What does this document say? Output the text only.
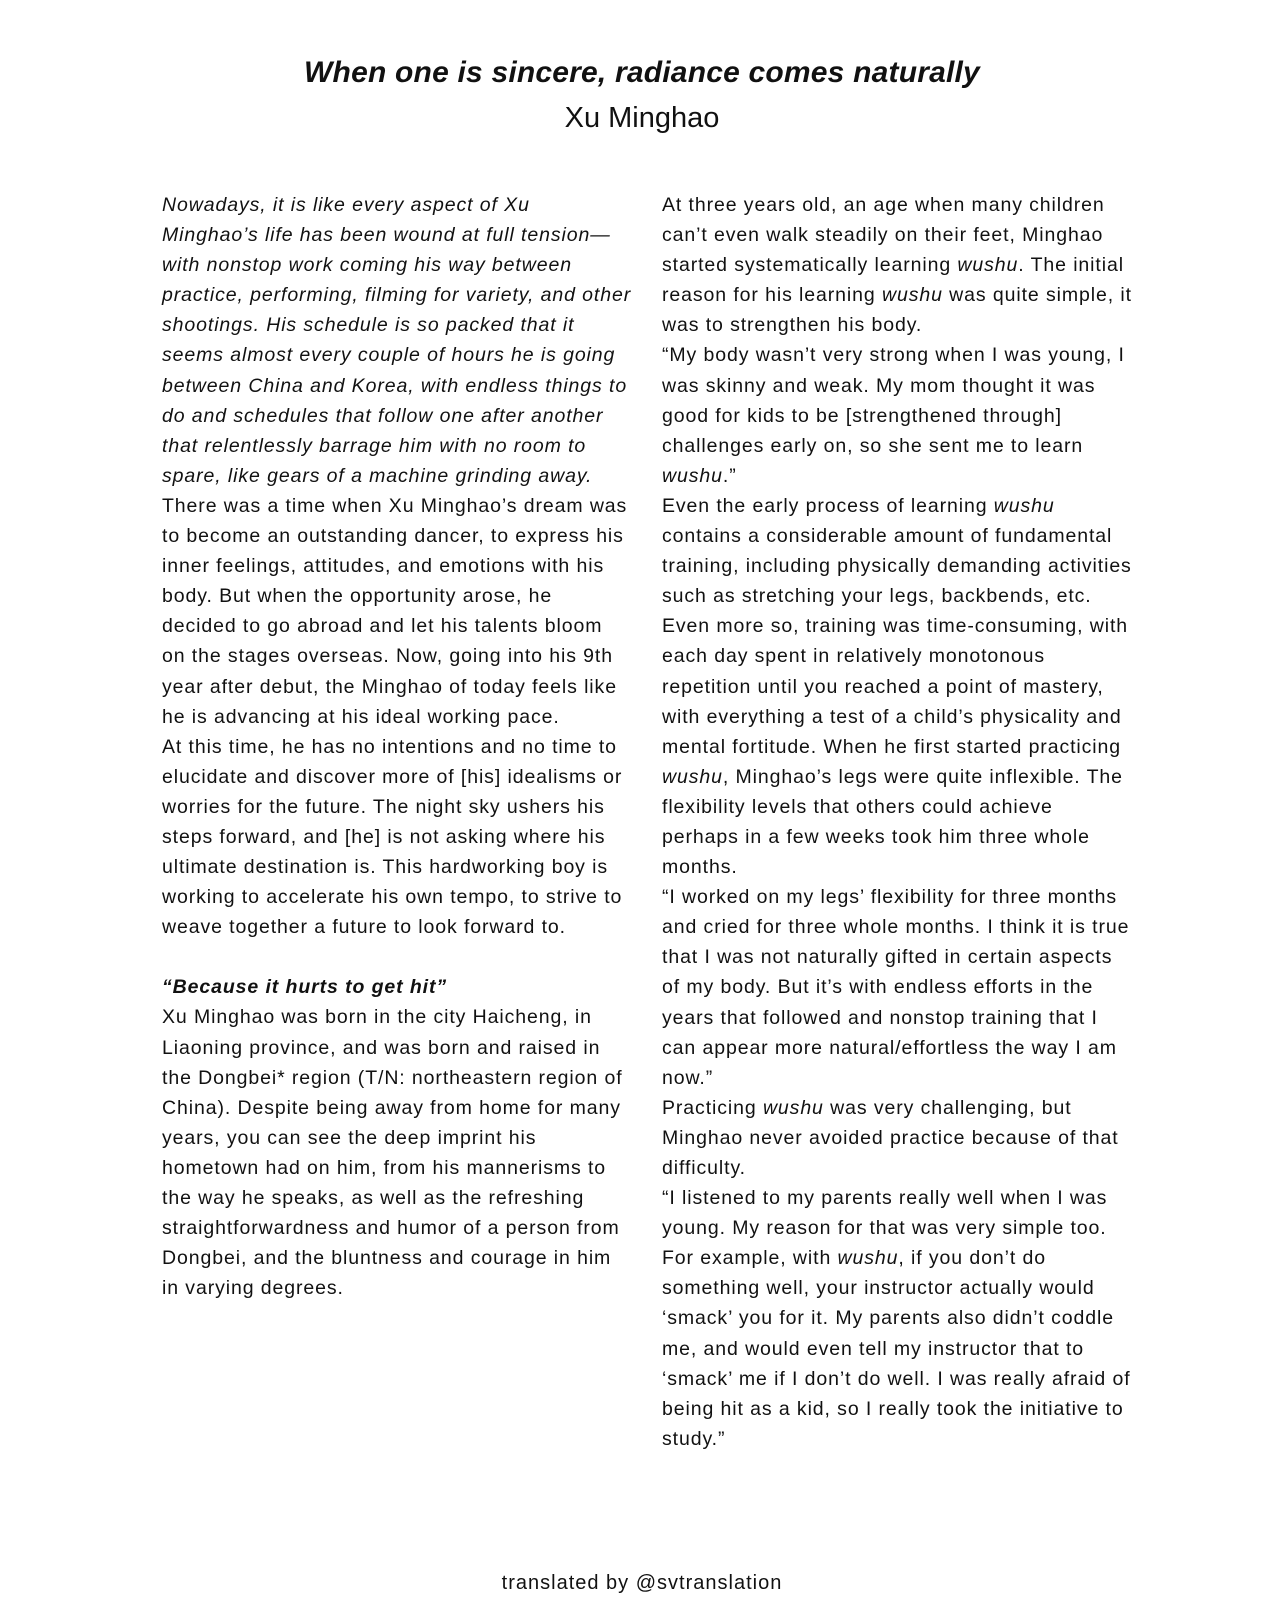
When one is sincere, radiance comes naturally
Xu Minghao

Nowadays, it is like every aspect of Xu Minghao’s life has been wound at full tension—with nonstop work coming his way between practice, performing, filming for variety, and other shootings. His schedule is so packed that it seems almost every couple of hours he is going between China and Korea, with endless things to do and schedules that follow one after another that relentlessly barrage him with no room to spare, like gears of a machine grinding away.

There was a time when Xu Minghao’s dream was to become an outstanding dancer, to express his inner feelings, attitudes, and emotions with his body. But when the opportunity arose, he decided to go abroad and let his talents bloom on the stages overseas. Now, going into his 9th year after debut, the Minghao of today feels like he is advancing at his ideal working pace.

At this time, he has no intentions and no time to elucidate and discover more of [his] idealisms or worries for the future. The night sky ushers his steps forward, and [he] is not asking where his ultimate destination is. This hardworking boy is working to accelerate his own tempo, to strive to weave together a future to look forward to.

“Because it hurts to get hit”

Xu Minghao was born in the city Haicheng, in Liaoning province, and was born and raised in the Dongbei* region (T/N: northeastern region of China). Despite being away from home for many years, you can see the deep imprint his hometown had on him, from his mannerisms to the way he speaks, as well as the refreshing straightforwardness and humor of a person from Dongbei, and the bluntness and courage in him in varying degrees.

At three years old, an age when many children can’t even walk steadily on their feet, Minghao started systematically learning wushu. The initial reason for his learning wushu was quite simple, it was to strengthen his body.

“My body wasn’t very strong when I was young, I was skinny and weak. My mom thought it was good for kids to be [strengthened through] challenges early on, so she sent me to learn wushu.”

Even the early process of learning wushu contains a considerable amount of fundamental training, including physically demanding activities such as stretching your legs, backbends, etc. Even more so, training was time-consuming, with each day spent in relatively monotonous repetition until you reached a point of mastery, with everything a test of a child’s physicality and mental fortitude. When he first started practicing wushu, Minghao’s legs were quite inflexible. The flexibility levels that others could achieve perhaps in a few weeks took him three whole months.

“I worked on my legs’ flexibility for three months and cried for three whole months. I think it is true that I was not naturally gifted in certain aspects of my body. But it’s with endless efforts in the years that followed and nonstop training that I can appear more natural/effortless the way I am now.”

Practicing wushu was very challenging, but Minghao never avoided practice because of that difficulty.

“I listened to my parents really well when I was young. My reason for that was very simple too. For example, with wushu, if you don’t do something well, your instructor actually would ‘smack’ you for it. My parents also didn’t coddle me, and would even tell my instructor that to ‘smack’ me if I don’t do well. I was really afraid of being hit as a kid, so I really took the initiative to study.”

translated by @svtranslation
